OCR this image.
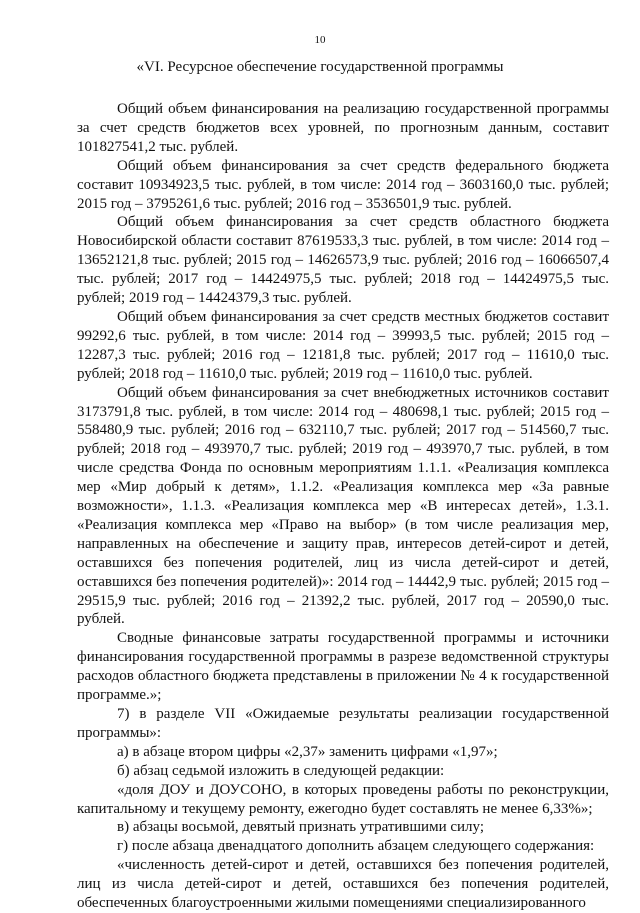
10
«VI. Ресурсное обеспечение государственной программы

Общий объем финансирования на реализацию государственной программы за счет средств бюджетов всех уровней, по прогнозным данным, составит 101827541,2 тыс. рублей.

Общий объем финансирования за счет средств федерального бюджета составит 10934923,5 тыс. рублей, в том числе: 2014 год – 3603160,0 тыс. рублей; 2015 год – 3795261,6 тыс. рублей; 2016 год – 3536501,9 тыс. рублей.

Общий объем финансирования за счет средств областного бюджета Новосибирской области составит 87619533,3 тыс. рублей, в том числе: 2014 год – 13652121,8 тыс. рублей; 2015 год – 14626573,9 тыс. рублей; 2016 год – 16066507,4 тыс. рублей; 2017 год – 14424975,5 тыс. рублей; 2018 год – 14424975,5 тыс. рублей; 2019 год – 14424379,3 тыс. рублей.

Общий объем финансирования за счет средств местных бюджетов составит 99292,6 тыс. рублей, в том числе: 2014 год – 39993,5 тыс. рублей; 2015 год – 12287,3 тыс. рублей; 2016 год – 12181,8 тыс. рублей; 2017 год – 11610,0 тыс. рублей; 2018 год – 11610,0 тыс. рублей; 2019 год – 11610,0 тыс. рублей.

Общий объем финансирования за счет внебюджетных источников составит 3173791,8 тыс. рублей, в том числе: 2014 год – 480698,1 тыс. рублей; 2015 год – 558480,9 тыс. рублей; 2016 год – 632110,7 тыс. рублей; 2017 год – 514560,7 тыс. рублей; 2018 год – 493970,7 тыс. рублей; 2019 год – 493970,7 тыс. рублей, в том числе средства Фонда по основным мероприятиям 1.1.1. «Реализация комплекса мер «Мир добрый к детям», 1.1.2. «Реализация комплекса мер «За равные возможности», 1.1.3. «Реализация комплекса мер «В интересах детей», 1.3.1. «Реализация комплекса мер «Право на выбор» (в том числе реализация мер, направленных на обеспечение и защиту прав, интересов детей-сирот и детей, оставшихся без попечения родителей, лиц из числа детей-сирот и детей, оставшихся без попечения родителей)»: 2014 год – 14442,9 тыс. рублей; 2015 год – 29515,9 тыс. рублей; 2016 год – 21392,2 тыс. рублей, 2017 год – 20590,0 тыс. рублей.

Сводные финансовые затраты государственной программы и источники финансирования государственной программы в разрезе ведомственной структуры расходов областного бюджета представлены в приложении № 4 к государственной программе.»;

7) в разделе VII «Ожидаемые результаты реализации государственной программы»:

а) в абзаце втором цифры «2,37» заменить цифрами «1,97»;

б) абзац седьмой изложить в следующей редакции:

«доля ДОУ и ДОУСОНО, в которых проведены работы по реконструкции, капитальному и текущему ремонту, ежегодно будет составлять не менее 6,33%»;

в) абзацы восьмой, девятый признать утратившими силу;

г) после абзаца двенадцатого дополнить абзацем следующего содержания:

«численность детей-сирот и детей, оставшихся без попечения родителей, лиц из числа детей-сирот и детей, оставшихся без попечения родителей, обеспеченных благоустроенными жилыми помещениями специализированного
